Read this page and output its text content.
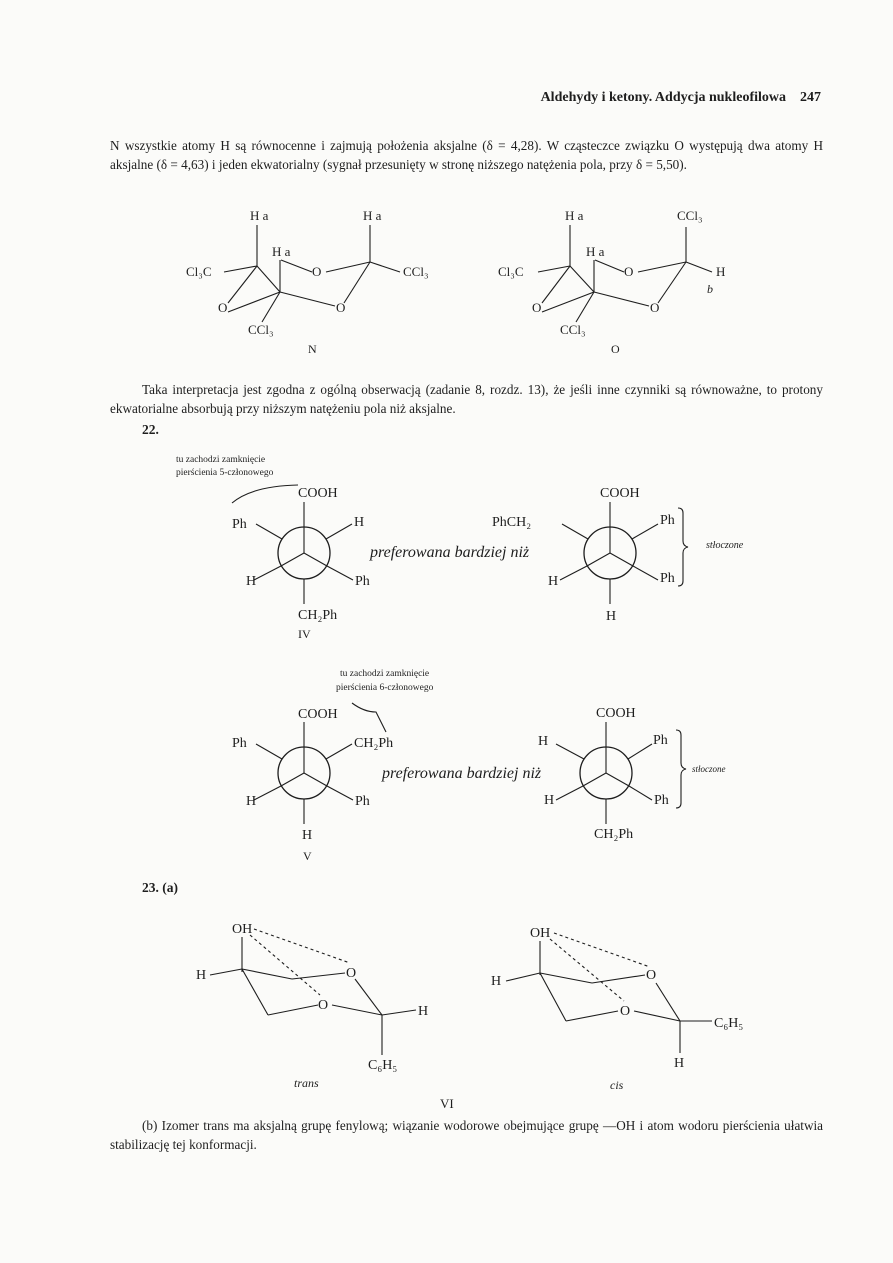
Aldehydy i ketony. Addycja nukleofilowa 247
N wszystkie atomy H są równocenne i zajmują położenia aksjalne (δ = 4,28). W cząsteczce związku O występują dwa atomy H aksjalne (δ = 4,63) i jeden ekwatorialny (sygnał przesunięty w stronę niższego natężenia pola, przy δ = 5,50).
H a	H a
H a
Cl₃C	CCl₃
O
O	O
CCl₃
N
H a	CCl₃
H a
Cl₃C	H
b
O
O	O
CCl₃
O
Taka interpretacja jest zgodna z ogólną obserwacją (zadanie 8, rozdz. 13), że jeśli inne czynniki są równoważne, to protony ekwatorialne absorbują przy niższym natężeniu pola niż aksjalne.
22.
tu zachodzi zamknięcie
pierścienia 5-członowego
COOH
Ph	H
H	Ph
CH₂Ph
IV
preferowana bardziej niż
COOH
PhCH₂	Ph
H	Ph
H
stłoczone
tu zachodzi zamknięcie
pierścienia 6-członowego
COOH
Ph	CH₂Ph
H	Ph
H
V
preferowana bardziej niż
COOH
H	Ph
H	Ph
CH₂Ph
stłoczone
23. (a)
OH
H	O
O	H
C₆H₅
trans
OH
H	O
O
C₆H₅
H
cis
VI
(b) Izomer trans ma aksjalną grupę fenylową; wiązanie wodorowe obejmujące grupę —OH i atom wodoru pierścienia ułatwia stabilizację tej konformacji.
